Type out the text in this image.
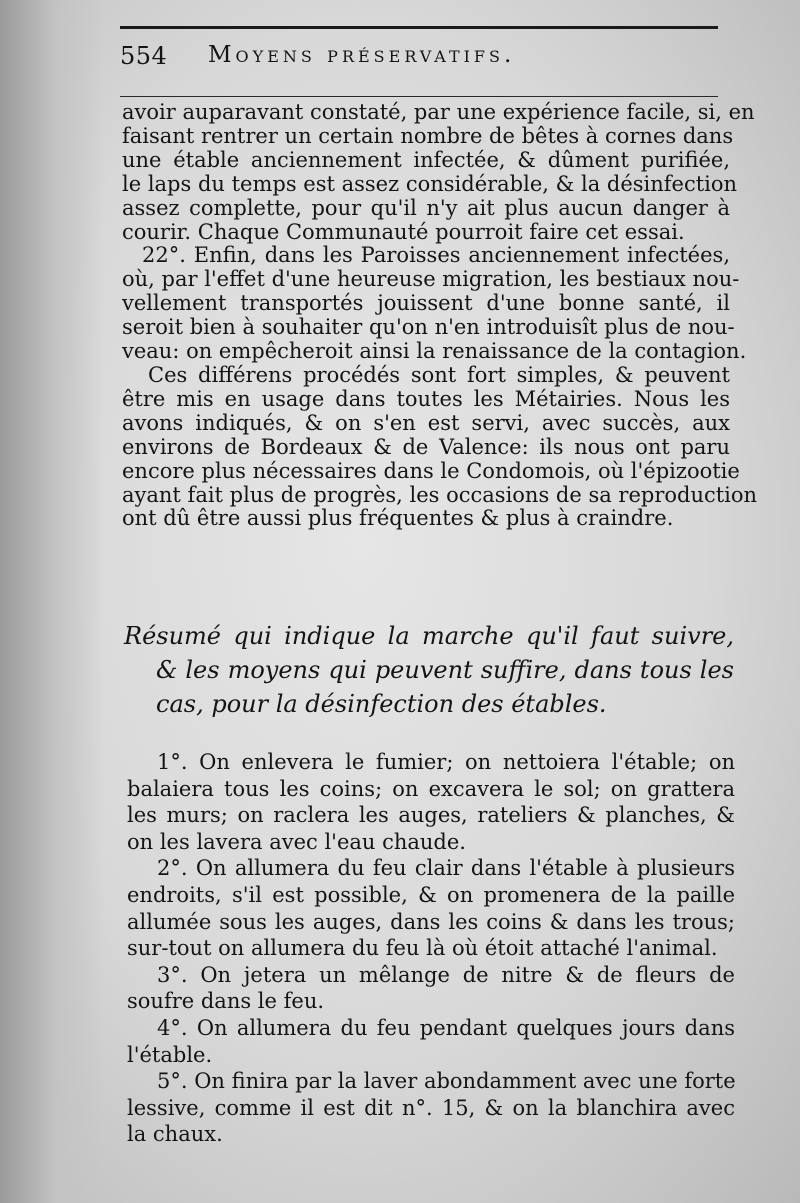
554 Moyens préservatifs.
avoir auparavant constaté, par une expérience facile, si, en
faisant rentrer un certain nombre de bêtes à cornes dans
une étable anciennement infectée, & dûment purifiée,
le laps du temps est assez considérable, & la désinfection
assez complette, pour qu'il n'y ait plus aucun danger à
courir. Chaque Communauté pourroit faire cet essai.
22°. Enfin, dans les Paroisses anciennement infectées,
où, par l'effet d'une heureuse migration, les bestiaux nou-
vellement transportés jouissent d'une bonne santé, il
seroit bien à souhaiter qu'on n'en introduisît plus de nou-
veau: on empêcheroit ainsi la renaissance de la contagion.
Ces différens procédés sont fort simples, & peuvent
être mis en usage dans toutes les Métairies. Nous les
avons indiqués, & on s'en est servi, avec succès, aux
environs de Bordeaux & de Valence: ils nous ont paru
encore plus nécessaires dans le Condomois, où l'épizootie
ayant fait plus de progrès, les occasions de sa reproduction
ont dû être aussi plus fréquentes & plus à craindre.
Résumé qui indique la marche qu'il faut suivre,
& les moyens qui peuvent suffire, dans tous les
cas, pour la désinfection des étables.
1°. On enlevera le fumier; on nettoiera l'étable; on
balaiera tous les coins; on excavera le sol; on grattera
les murs; on raclera les auges, rateliers & planches, &
on les lavera avec l'eau chaude.
2°. On allumera du feu clair dans l'étable à plusieurs
endroits, s'il est possible, & on promenera de la paille
allumée sous les auges, dans les coins & dans les trous;
sur-tout on allumera du feu là où étoit attaché l'animal.
3°. On jetera un mêlange de nitre & de fleurs de
soufre dans le feu.
4°. On allumera du feu pendant quelques jours dans
l'étable.
5°. On finira par la laver abondamment avec une forte
lessive, comme il est dit n°. 15, & on la blanchira avec
la chaux.
